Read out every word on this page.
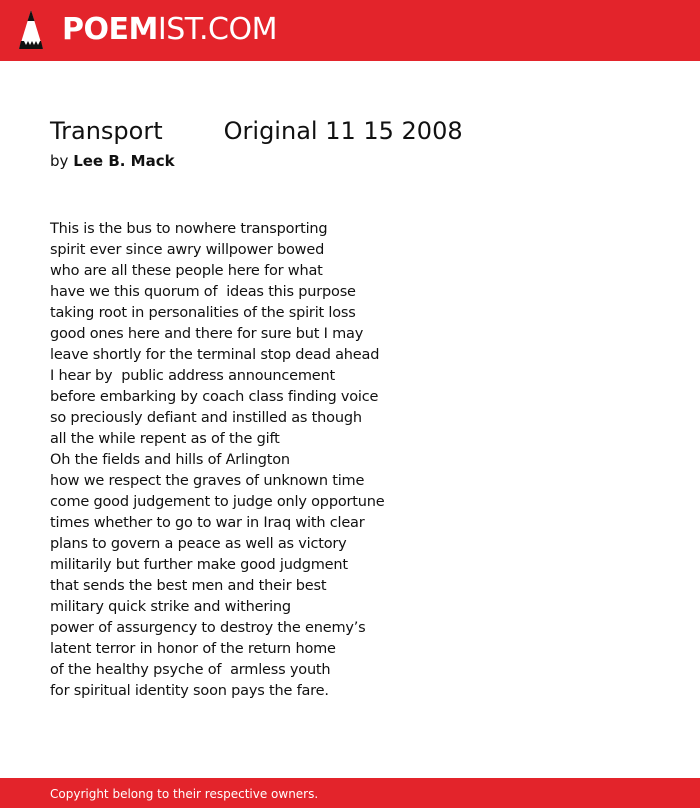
POEMIST.COM
Transport        Original 11 15 2008
by Lee B. Mack
This is the bus to nowhere transporting
spirit ever since awry willpower bowed
who are all these people here for what
have we this quorum of  ideas this purpose
taking root in personalities of the spirit loss
good ones here and there for sure but I may
leave shortly for the terminal stop dead ahead
I hear by  public address announcement
before embarking by coach class finding voice
so preciously defiant and instilled as though
all the while repent as of the gift
Oh the fields and hills of Arlington
how we respect the graves of unknown time
come good judgement to judge only opportune
times whether to go to war in Iraq with clear
plans to govern a peace as well as victory
militarily but further make good judgment
that sends the best men and their best
military quick strike and withering
power of assurgency to destroy the enemy’s
latent terror in honor of the return home
of the healthy psyche of  armless youth
for spiritual identity soon pays the fare.
Copyright belong to their respective owners.
